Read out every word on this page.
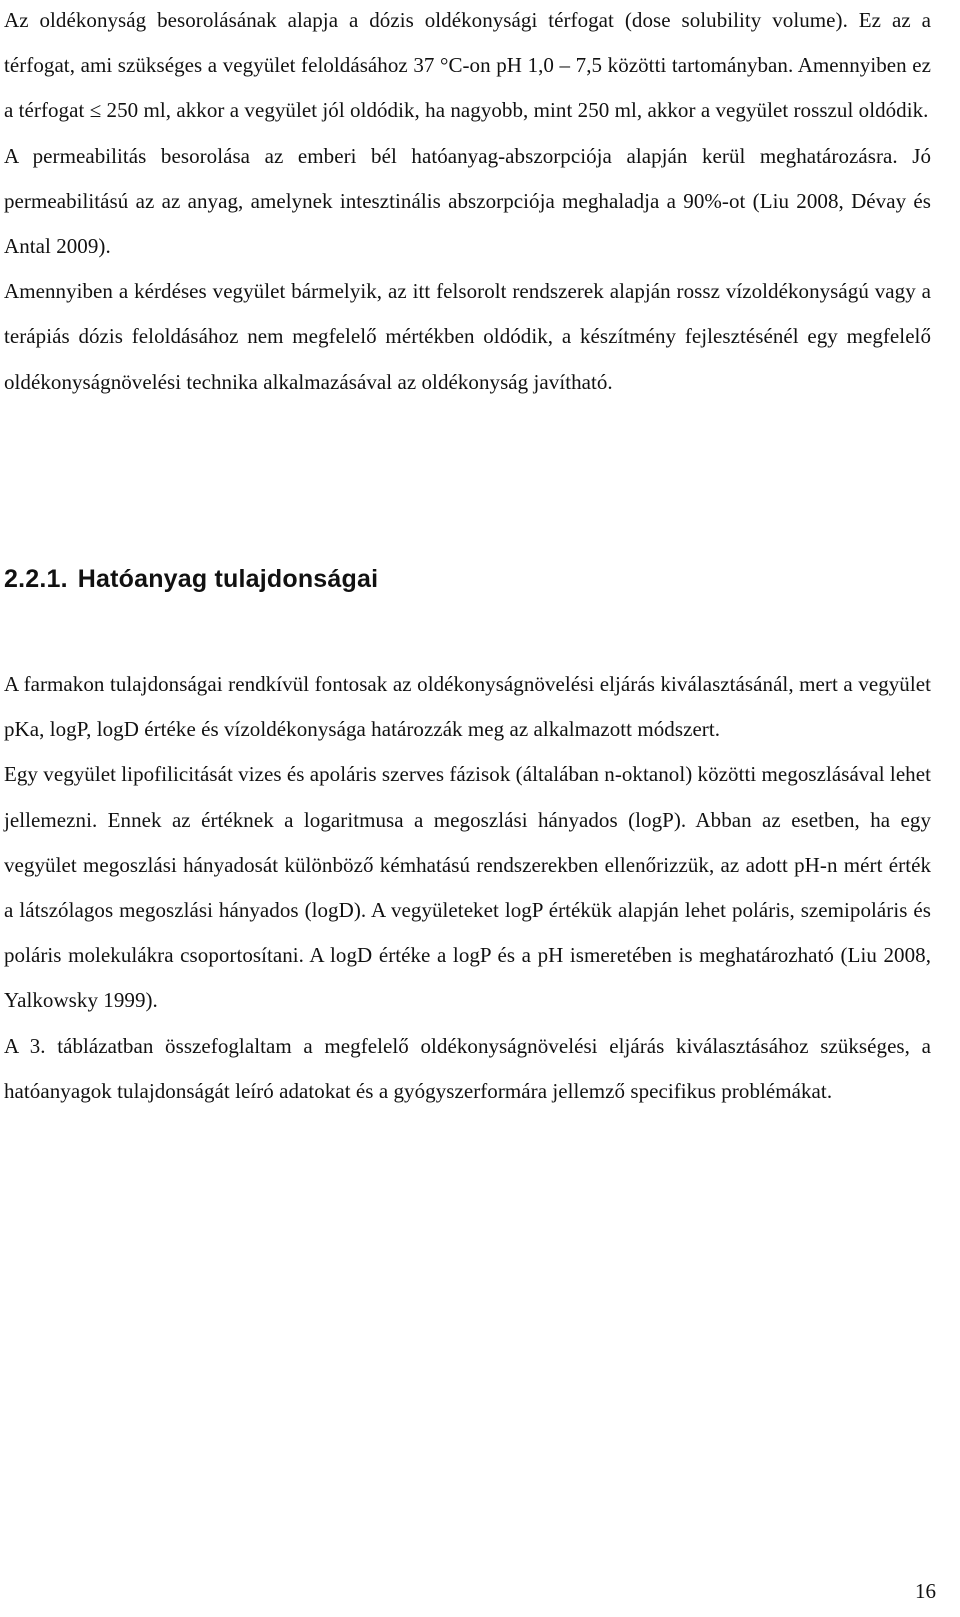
Az oldékonyság besorolásának alapja a dózis oldékonysági térfogat (dose solubility volume). Ez az a térfogat, ami szükséges a vegyület feloldásához 37 °C-on pH 1,0 – 7,5 közötti tartományban. Amennyiben ez a térfogat ≤ 250 ml, akkor a vegyület jól oldódik, ha nagyobb, mint 250 ml, akkor a vegyület rosszul oldódik.

A permeabilitás besorolása az emberi bél hatóanyag-abszorpciója alapján kerül meghatározásra. Jó permeabilitású az az anyag, amelynek intesztinális abszorpciója meghaladja a 90%-ot (Liu 2008, Dévay és Antal 2009).

Amennyiben a kérdéses vegyület bármelyik, az itt felsorolt rendszerek alapján rossz vízoldékonyságú vagy a terápiás dózis feloldásához nem megfelelő mértékben oldódik, a készítmény fejlesztésénél egy megfelelő oldékonyságnövelési technika alkalmazásával az oldékonyság javítható.

2.2.1. Hatóanyag tulajdonságai

A farmakon tulajdonságai rendkívül fontosak az oldékonyságnövelési eljárás kiválasztásánál, mert a vegyület pKa, logP, logD értéke és vízoldékonysága határozzák meg az alkalmazott módszert.

Egy vegyület lipofilicitását vizes és apoláris szerves fázisok (általában n-oktanol) közötti megoszlásával lehet jellemezni. Ennek az értéknek a logaritmusa a megoszlási hányados (logP). Abban az esetben, ha egy vegyület megoszlási hányadosát különböző kémhatású rendszerekben ellenőrizzük, az adott pH-n mért érték a látszólagos megoszlási hányados (logD). A vegyületeket logP értékük alapján lehet poláris, szemipoláris és poláris molekulákra csoportosítani. A logD értéke a logP és a pH ismeretében is meghatározható (Liu 2008, Yalkowsky 1999).

A 3. táblázatban összefoglaltam a megfelelő oldékonyságnövelési eljárás kiválasztásához szükséges, a hatóanyagok tulajdonságát leíró adatokat és a gyógyszerformára jellemző specifikus problémákat.

16
